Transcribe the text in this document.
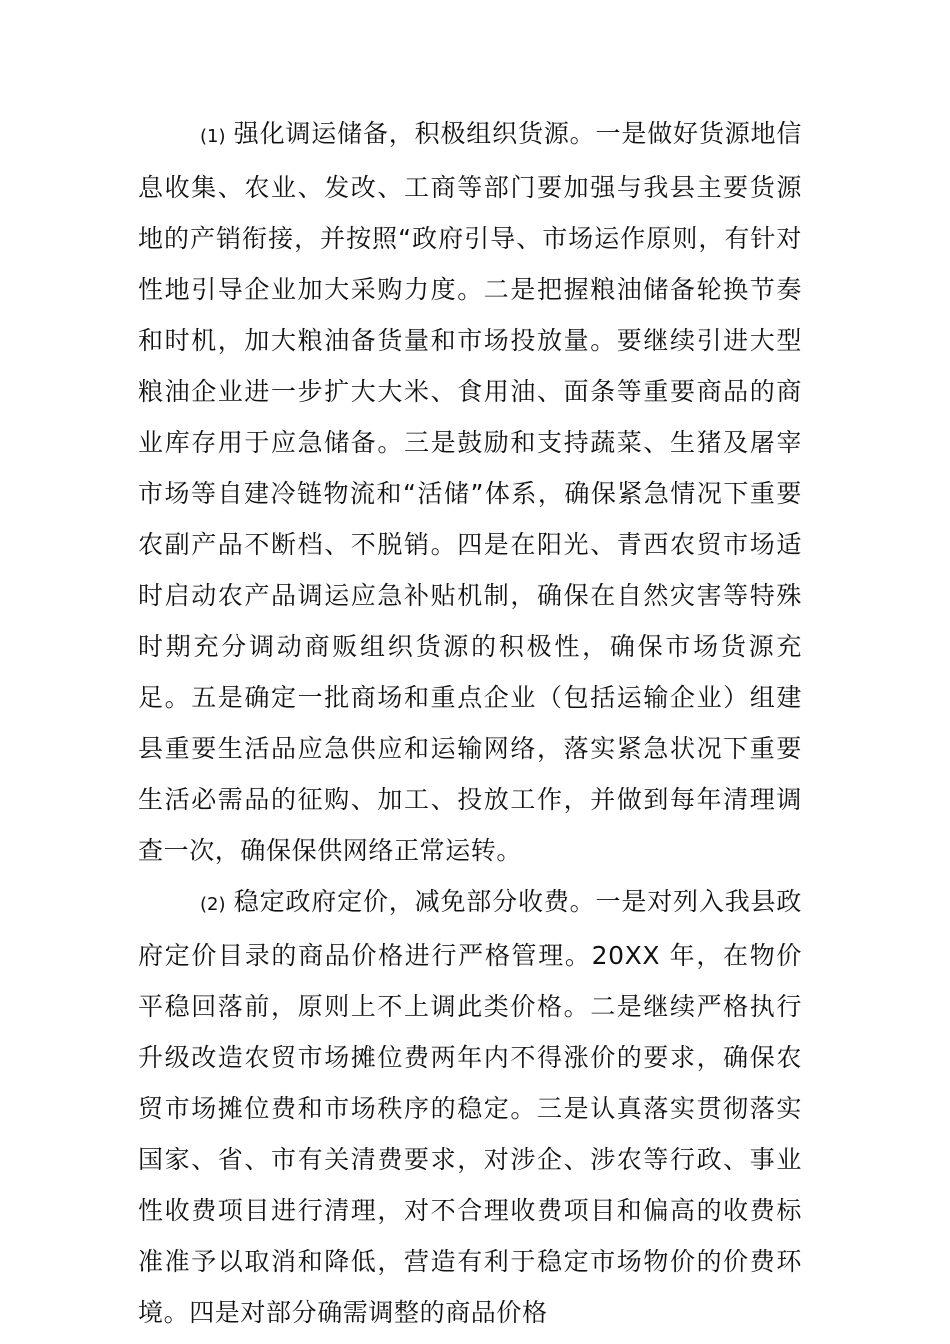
(1) 强化调运储备，积极组织货源。一是做好货源地信息收集、农业、发改、工商等部门要加强与我县主要货源地的产销衔接，并按照“政府引导、市场运作原则，有针对性地引导企业加大采购力度。二是把握粮油储备轮换节奏和时机，加大粮油备货量和市场投放量。要继续引进大型粮油企业进一步扩大大米、食用油、面条等重要商品的商业库存用于应急储备。三是鼓励和支持蔬菜、生猪及屠宰市场等自建冷链物流和“活储”体系，确保紧急情况下重要农副产品不断档、不脱销。四是在阳光、青西农贸市场适时启动农产品调运应急补贴机制，确保在自然灾害等特殊时期充分调动商贩组织货源的积极性，确保市场货源充足。五是确定一批商场和重点企业（包括运输企业）组建县重要生活品应急供应和运输网络，落实紧急状况下重要生活必需品的征购、加工、投放工作，并做到每年清理调查一次，确保保供网络正常运转。

(2) 稳定政府定价，减免部分收费。一是对列入我县政府定价目录的商品价格进行严格管理。20XX 年，在物价平稳回落前，原则上不上调此类价格。二是继续严格执行升级改造农贸市场摊位费两年内不得涨价的要求，确保农贸市场摊位费和市场秩序的稳定。三是认真落实贯彻落实国家、省、市有关清费要求，对涉企、涉农等行政、事业性收费项目进行清理，对不合理收费项目和偏高的收费标准准予以取消和降低，营造有利于稳定市场物价的价费环境。四是对部分确需调整的商品价格
